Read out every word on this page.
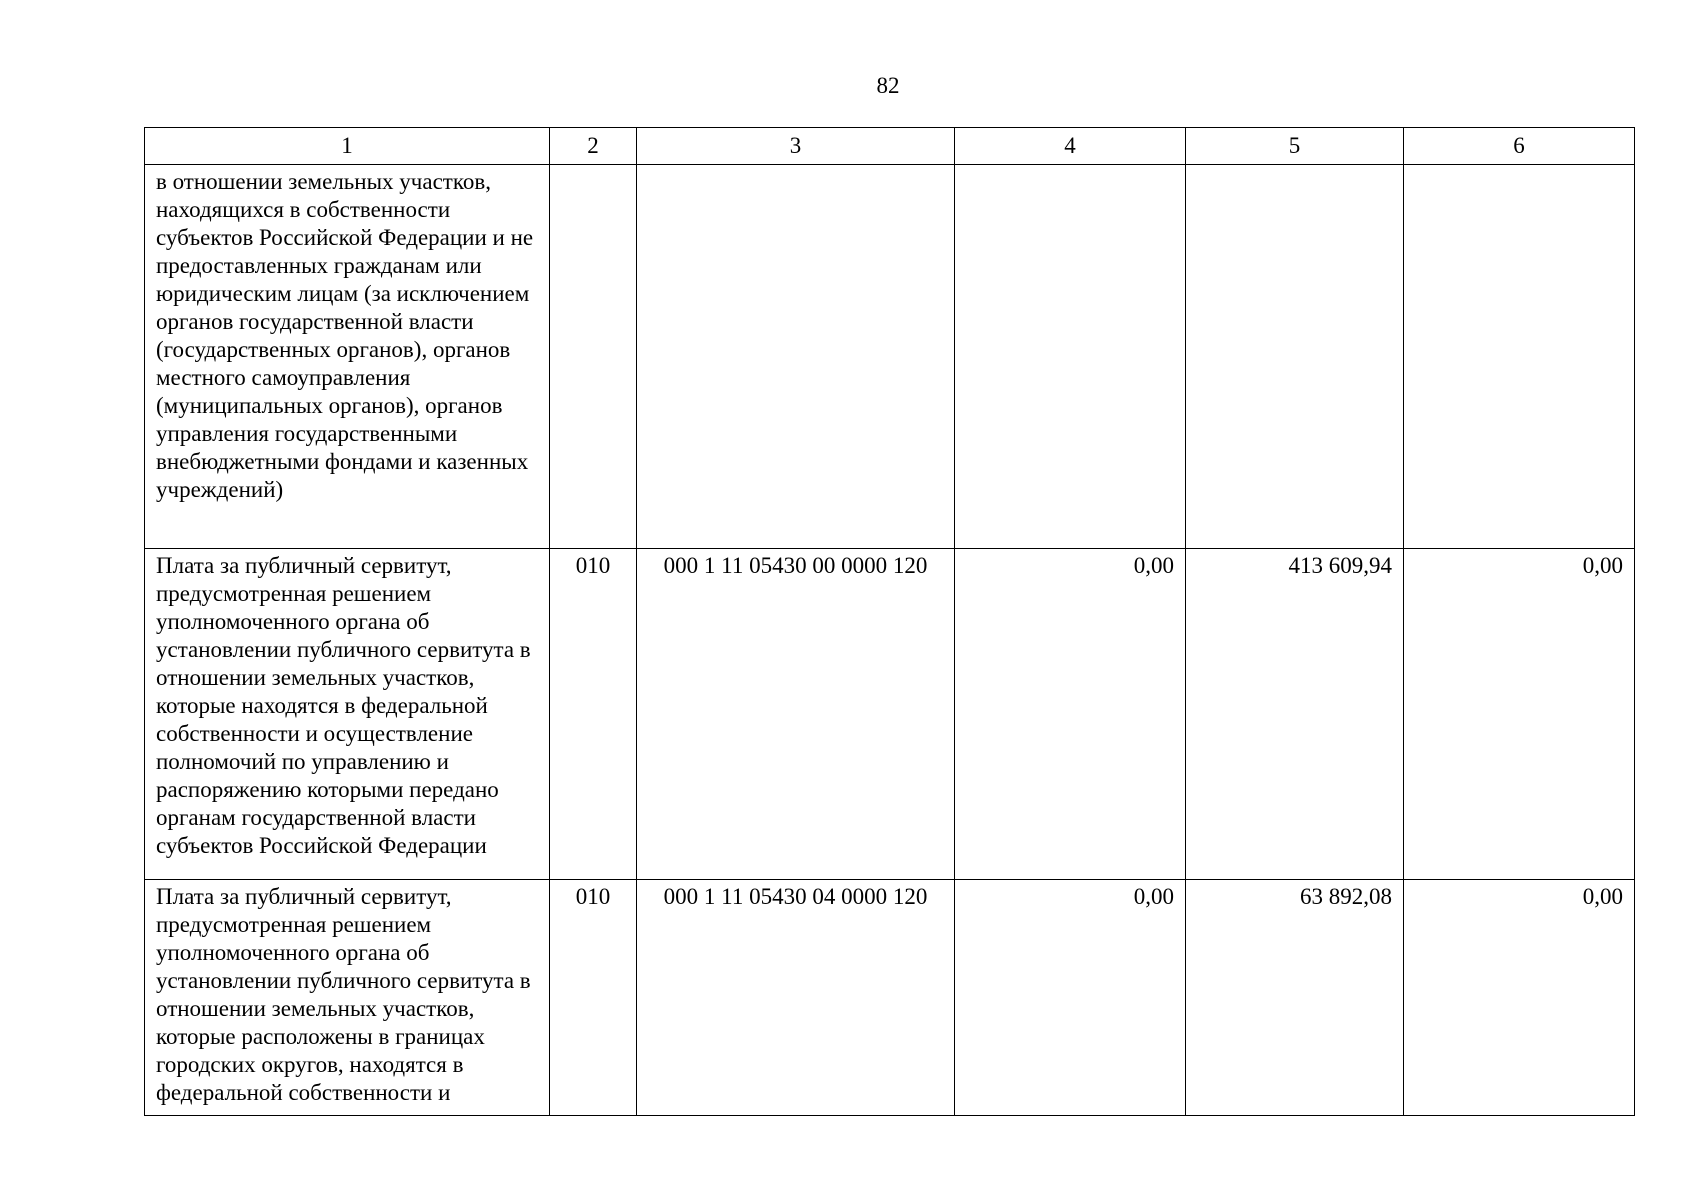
82
1	2	3	4	5	6
в отношении земельных участков, находящихся в собственности субъектов Российской Федерации и не предоставленных гражданам или юридическим лицам (за исключением органов государственной власти (государственных органов), органов местного самоуправления (муниципальных органов), органов управления государственными внебюджетными фондами и казенных учреждений)					
Плата за публичный сервитут, предусмотренная решением уполномоченного органа об установлении публичного сервитута в отношении земельных участков, которые находятся в федеральной собственности и осуществление полномочий по управлению и распоряжению которыми передано органам государственной власти субъектов Российской Федерации	010	000 1 11 05430 00 0000 120	0,00	413 609,94	0,00
Плата за публичный сервитут, предусмотренная решением уполномоченного органа об установлении публичного сервитута в отношении земельных участков, которые расположены в границах городских округов, находятся в федеральной собственности и	010	000 1 11 05430 04 0000 120	0,00	63 892,08	0,00
